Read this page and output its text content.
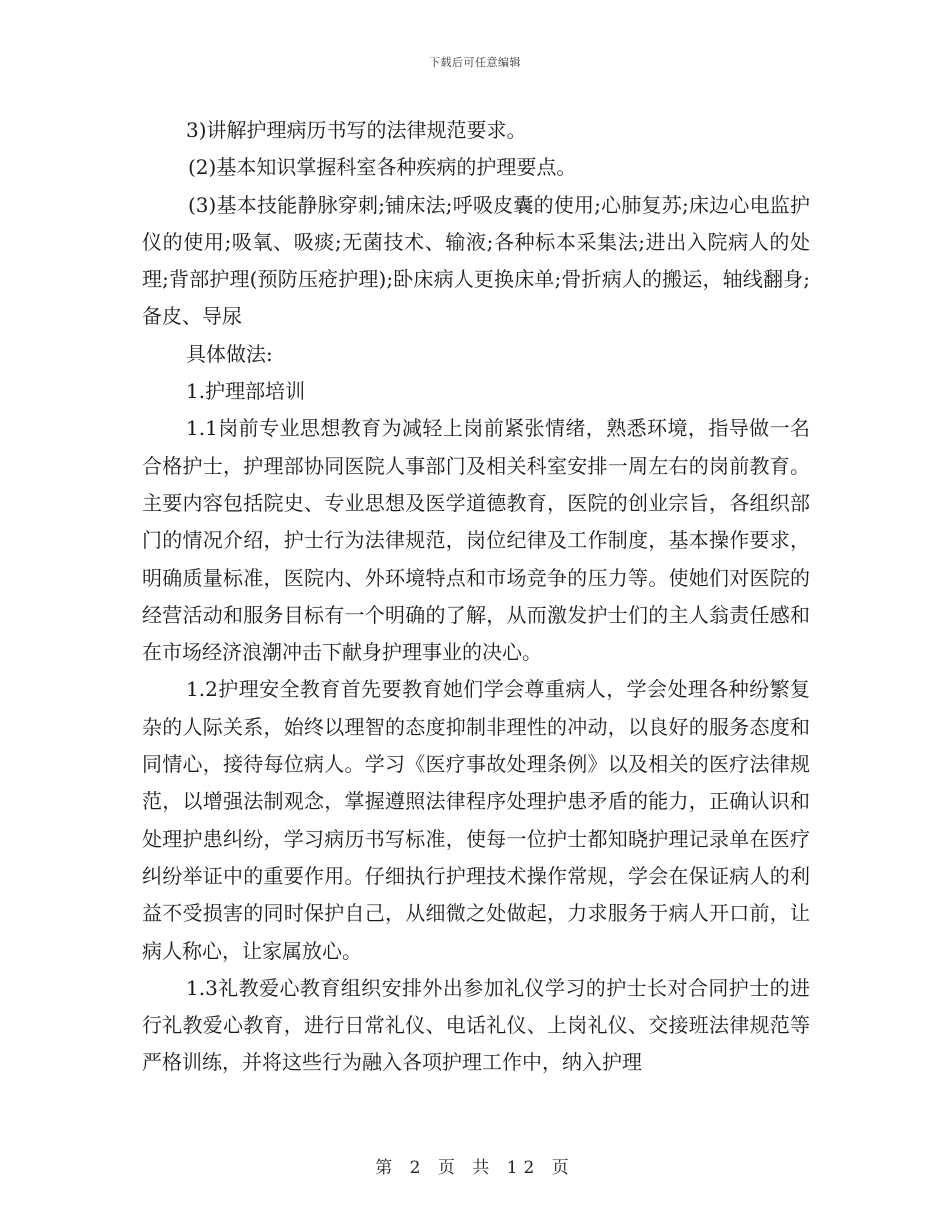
下载后可任意编辑

3)讲解护理病历书写的法律规范要求。

(2)基本知识掌握科室各种疾病的护理要点。

(3)基本技能静脉穿刺;铺床法;呼吸皮囊的使用;心肺复苏;床边心电监护仪的使用;吸氧、吸痰;无菌技术、输液;各种标本采集法;进出入院病人的处理;背部护理(预防压疮护理);卧床病人更换床单;骨折病人的搬运，轴线翻身;备皮、导尿

具体做法:

1.护理部培训

1.1岗前专业思想教育为减轻上岗前紧张情绪，熟悉环境，指导做一名合格护士，护理部协同医院人事部门及相关科室安排一周左右的岗前教育。主要内容包括院史、专业思想及医学道德教育，医院的创业宗旨，各组织部门的情况介绍，护士行为法律规范，岗位纪律及工作制度，基本操作要求，明确质量标准，医院内、外环境特点和市场竞争的压力等。使她们对医院的经营活动和服务目标有一个明确的了解，从而激发护士们的主人翁责任感和在市场经济浪潮冲击下献身护理事业的决心。

1.2护理安全教育首先要教育她们学会尊重病人，学会处理各种纷繁复杂的人际关系，始终以理智的态度抑制非理性的冲动，以良好的服务态度和同情心，接待每位病人。学习《医疗事故处理条例》以及相关的医疗法律规范，以增强法制观念，掌握遵照法律程序处理护患矛盾的能力，正确认识和处理护患纠纷，学习病历书写标准，使每一位护士都知晓护理记录单在医疗纠纷举证中的重要作用。仔细执行护理技术操作常规，学会在保证病人的利益不受损害的同时保护自己，从细微之处做起，力求服务于病人开口前，让病人称心，让家属放心。

1.3礼教爱心教育组织安排外出参加礼仪学习的护士长对合同护士的进行礼教爱心教育，进行日常礼仪、电话礼仪、上岗礼仪、交接班法律规范等严格训练，并将这些行为融入各项护理工作中，纳入护理

第 2 页 共 12 页
